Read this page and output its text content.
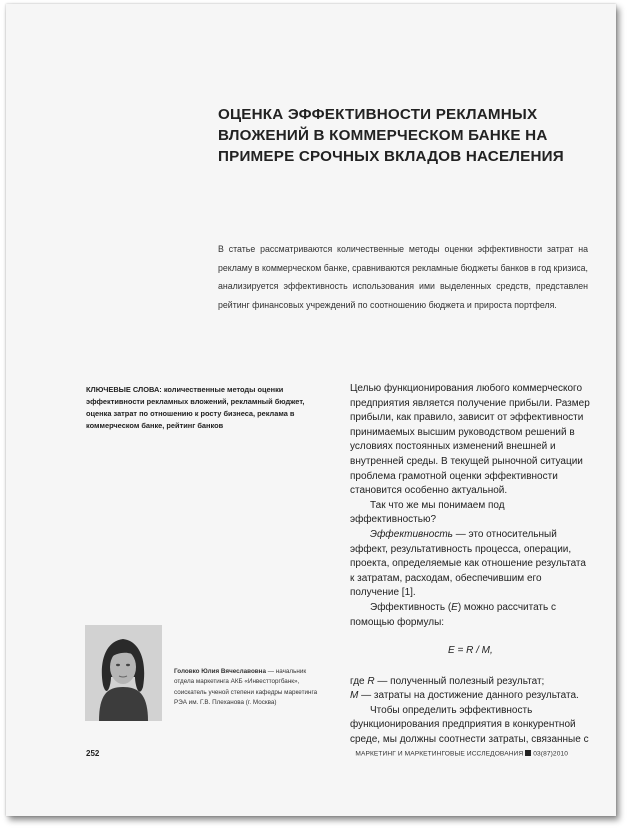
ОЦЕНКА ЭФФЕКТИВНОСТИ РЕКЛАМНЫХ ВЛОЖЕНИЙ В КОММЕРЧЕСКОМ БАНКЕ НА ПРИМЕРЕ СРОЧНЫХ ВКЛАДОВ НАСЕЛЕНИЯ

В статье рассматриваются количественные методы оценки эффективности затрат на рекламу в коммерческом банке, сравниваются рекламные бюджеты банков в год кризиса, анализируется эффективность использования ими выделенных средств, представлен рейтинг финансовых учреждений по соотношению бюджета и прироста портфеля.

КЛЮЧЕВЫЕ СЛОВА: количественные методы оценки эффективности рекламных вложений, рекламный бюджет, оценка затрат по отношению к росту бизнеса, реклама в коммерческом банке, рейтинг банков

Целью функционирования любого коммерческого предприятия является получение прибыли. Размер прибыли, как правило, зависит от эффективности принимаемых высшим руководством решений в условиях постоянных изменений внешней и внутренней среды. В текущей рыночной ситуации проблема грамотной оценки эффективности становится особенно актуальной.

Так что же мы понимаем под эффективностью?

Эффективность — это относительный эффект, результативность процесса, операции, проекта, определяемые как отношение результата к затратам, расходам, обеспечившим его получение [1].

Эффективность (E) можно рассчитать с помощью формулы:

E = R / M,

где R — полученный полезный результат;

M — затраты на достижение данного результата.

Чтобы определить эффективность функционирования предприятия в конкурентной среде, мы должны соотнести затраты, связанные с

Головко Юлия Вячеславовна — начальник отдела маркетинга АКБ «Инвестторгбанк», соискатель ученой степени кафедры маркетинга РЭА им. Г.В. Плеханова (г. Москва)

252	МАРКЕТИНГ И МАРКЕТИНГОВЫЕ ИССЛЕДОВАНИЯ 03(87)2010
